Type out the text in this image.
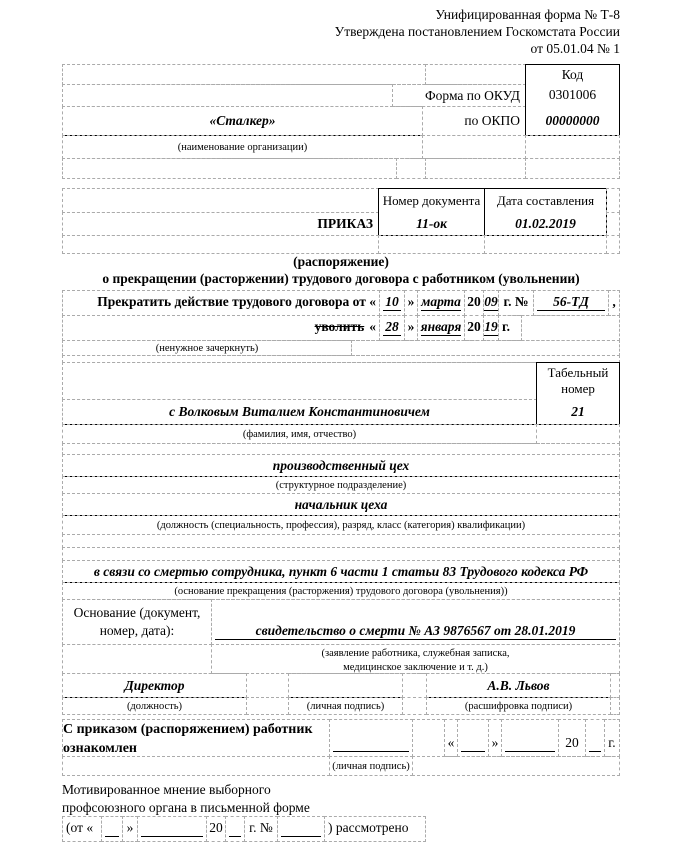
Унифицированная форма № Т-8
Утверждена постановлением Госкомстата России
от 05.01.04 № 1
Код
Форма по ОКУД	0301006
«Сталкер»	по ОКПО	00000000
(наименование организации)
Номер документа	Дата составления
ПРИКАЗ	11-ок	01.02.2019
(распоряжение)
о прекращении (расторжении) трудового договора с работником (увольнении)
Прекратить действие трудового договора от « 10 » марта 20 09 г. №	56-ТД	,
уволить « 28 » января 20 19 г.
(ненужное зачеркнуть)
Табельный номер
с Волковым Виталием Константиновичем	21
(фамилия, имя, отчество)
производственный цех
(структурное подразделение)
начальник цеха
(должность (специальность, профессия), разряд, класс (категория) квалификации)
в связи со смертью сотрудника, пункт 6 части 1 статьи 83 Трудового кодекса РФ
(основание прекращения (расторжения) трудового договора (увольнения))
Основание (документ, номер, дата):	свидетельство о смерти № АЗ 9876567 от 28.01.2019
(заявление работника, служебная записка,
медицинское заключение и т. д.)
Директор	А.В. Львов
(должность)	(личная подпись)	(расшифровка подписи)
С приказом (распоряжением) работник ознакомлен	«	»	20	г.
(личная подпись)
Мотивированное мнение выборного
профсоюзного органа в письменной форме
(от «	»	20	г. №	) рассмотрено
